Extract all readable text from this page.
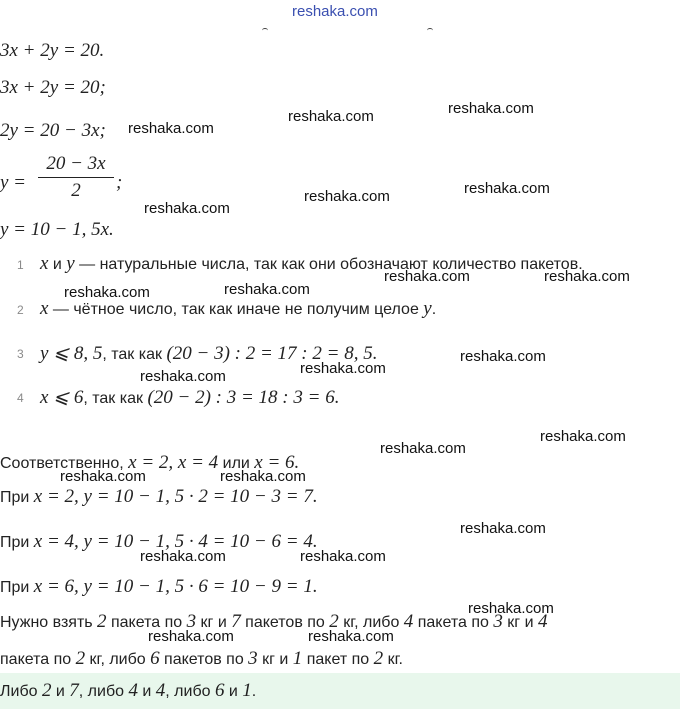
reshaka.com
3x + 2y = 20.
3x + 2y = 20;
2y = 20 − 3x;
y =
20 − 3x
2	;
y = 10 − 1, 5x.
1 x и y — натуральные числа, так как они обозначают количество пакетов.
2 x — чётное число, так как иначе не получим целое y.
3 y ⩽ 8, 5, так как (20 − 3) : 2 = 17 : 2 = 8, 5.
4 x ⩽ 6, так как (20 − 2) : 3 = 18 : 3 = 6.
Соответственно, x = 2, x = 4 или x = 6.
При x = 2, y = 10 − 1, 5 · 2 = 10 − 3 = 7.
При x = 4, y = 10 − 1, 5 · 4 = 10 − 6 = 4.
При x = 6, y = 10 − 1, 5 · 6 = 10 − 9 = 1.
Нужно взять 2 пакета по 3 кг и 7 пакетов по 2 кг, либо 4 пакета по 3 кг и 4
пакета по 2 кг, либо 6 пакетов по 3 кг и 1 пакет по 2 кг.
Либо 2 и 7, либо 4 и 4, либо 6 и 1.
reshaka.com
reshaka.com	reshaka.com
reshaka.com
reshaka.com	reshaka.com
reshaka.com	reshaka.com
reshaka.com	reshaka.com
reshaka.com
reshaka.com
reshaka.com
reshaka.com
reshaka.com
reshaka.com	reshaka.com
reshaka.com
reshaka.com	reshaka.com
reshaka.com
reshaka.com	reshaka.com
